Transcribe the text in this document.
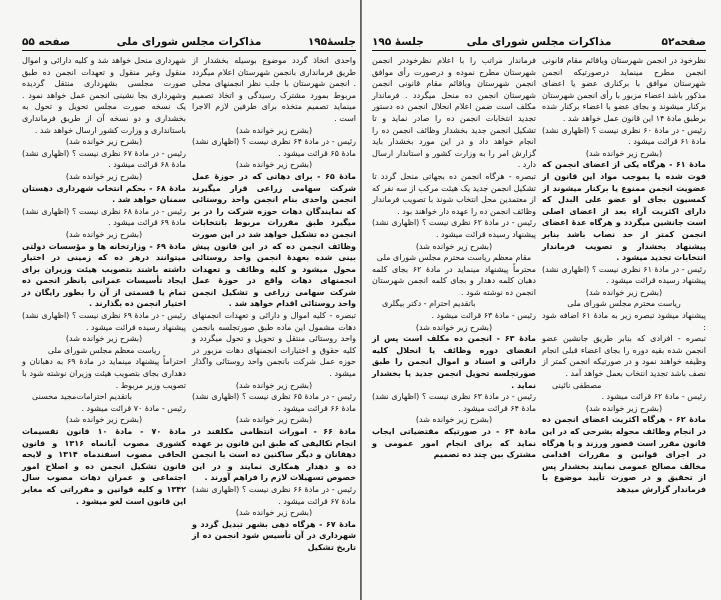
جلسهٔ۱۹۵
مذاکرات مجلس شورای ملی
صفحه ۵۵
واحدی اتخاذ گردد موضوع بوسیله بخشدار از طریق فرمانداری بانجمن شهرستان اعلام میگردد . انجمن شهرستان با جلب نظر انجمنهای محلی مربوط بمورد مشترک رسیدگی و اتخاذ تصمیم مینماید تصمیم متخذه برای طرفین لازم الاجرا است .
(بشرح زیر خوانده شد)
رئیس - در مادهٔ ۶۴ نظری نیست ؟ (اظهاری نشد) مادهٔ ۶۵ قرائت میشود .
(بشرح زیر خوانده شد)
مادهٔ ۶۵ - برای دهاتی که در حوزهٔ عمل شرکت سهامی زراعی قرار میگیرند انجمن واحدی بنام انجمن واحد روستائی که نمایندگان دهات حوزه شرکت را در بر میگیرد طبق مقررات مربوط بانتخابات انجمن ده تشکیل خواهد شد در این صورت وظائف انجمن ده که در این قانون پیش بینی شده بعهدهٔ انجمن واحد روستائی محول میشود و کلیه وظائف و تعهدات انجمنهای دهات واقع در حوزهٔ عمل شرکت سهامی زراعی و تشکیل انجمن واحد روستائی اقدام خواهد شد .
تبصره - کلیه اموال و دارائی و تعهدات انجمنهای دهات مشمول این ماده طبق صورتجلسه بانجمن واحد روستائی منتقل و تحویل و تحول میگردد و کلیه حقوق و اختیارات انجمنهای دهات مزبور در حوزه عمل شرکت بانجمن واحد روستائی واگذار میشود .
(بشرح زیر خوانده شد)
رئیس - در مادهٔ ۶۵ نظری نیست ؟ (اظهاری نشد) مادهٔ ۶۶ قرائت میشود .
(بشرح زیر خوانده شد)
مادهٔ ۶۶ - امورات انتظامی مکلفند در انجام تکالیفی که طبق این قانون بر عهده دهقانان و دیگر ساکنین ده است با انجمن ده و دهدار همکاری نمایند و در این خصوص تسهیلات لازم را فراهم آورند .
رئیس - در مادهٔ ۶۶ نظری نیست ؟ (اظهاری نشد) مادهٔ ۶۷ قرائت میشود .
(بشرح زیر خوانده شد)
مادهٔ ۶۷ - هرگاه دهی بشهر تبدیل گردد و شهرداری در آن تأسیس شود انجمن ده از تاریخ تشکیل
شهرداری منحل خواهد شد و کلیه دارائی و اموال منقول وغیر منقول و تعهدات انجمن ده طبق صورت مجلسی بشهرداری منتقل گردیده وشهرداری بجا نشینی انجمن عمل خواهد نمود . یک نسخه صورت مجلس تحویل و تحول به بخشداری و دو نسخه آن از طریق فرمانداری باستانداری و وزارت کشور ارسال خواهد شد .
(بشرح زیر خوانده شد)
رئیس - در مادهٔ ۶۷ نظری نیست ؟ (اظهاری نشد) مادهٔ ۶۸ قرائت میشود .
(بشرح زیر خوانده شد)
مادهٔ ۶۸ - بحکم انتخاب شهرداری دهستان سمنان خواهد شد .
رئیس - در مادهٔ ۶۸ نظری نیست ؟ (اظهاری نشد) مادهٔ ۶۹ قرائت میشود .
(بشرح زیر خوانده شد)
مادهٔ ۶۹ - وزارتخانه ها و مؤسسات دولتی میتوانند درهر ده که زمینی در اختیار داشته باشند بتصویب هیئت وزیران برای ایجاد تأسیسات عمرانی بانظر انجمن ده تمام یا قسمتی از آن را بطور رایگان در اختیار انجمن ده بگذارند .
رئیس - در مادهٔ ۶۹ نظری نیست ؟ (اظهاری نشد) پیشنهاد رسیده قرائت میشود .
(بشرح زیر خوانده شد)
ریاست معظم مجلس شورای ملی
احتراماً پیشنهاد مینماید در مادهٔ ۶۹ به دهبانان و دهداری بجای بتصویب هیئت وزیران نوشته شود با تصویب وزیر مربوط .
باتقدیم احترامات‌مجید محسنی
رئیس - مادهٔ ۷۰ قرائت میشود .
(بشرح زیر خوانده شد)
مادهٔ ۷۰ - مادهٔ ۱۰ قانون تقسیمات کشوری مصوب آبانماه ۱۳۱۶ و قانون الحاقی مصوب اسفندماه ۱۳۱۴ و لایحه قانون تشکیل انجمن ده و اصلاح امور اجتماعی و عمران دهات مصوب سال ۱۳۴۲ و کلیه قوانین و مقرراتی که مغایر این قانون است لغو میشود .
صفحه۵۲
مذاکرات مجلس شورای ملی
جلسهٔ ۱۹۵
نظرخود در انجمن شهرستان ویاقائم مقام قانونی انجمن مطرح مینماید درصورتیکه انجمن شهرستان موافق با برکناری عضو یا اعضای مذکور باشد اعضاء مزبور با رأی انجمن شهرستان برکنار میشوند و بجای عضو یا اعضاء برکنار شده برطبق مادهٔ ۱۴ این قانون عمل خواهد شد .
رئیس - در مادهٔ ۶۰ نظری نیست ؟ (اظهاری نشد) مادهٔ ۶۱ قرائت میشود .
(بشرح زیر خوانده شد)
مادهٔ ۶۱ - هرگاه یکی از اعضای انجمن که فوت شده یا بموجب مواد این قانون از عضویت انجمن ممنوع یا برکنار میشوند از کمسیون بجای او عضو علی البدل که دارای اکثریت آراء بعد از اعضای اصلی است جانشین میگردد و هرگاه عدهٔ اعضای انجمن کمتر از حد نصاب باشد بنابر پیشنهاد بخشدار و تصویب فرماندار انتخابات تجدید میشود .
رئیس - در مادهٔ ۶۱ نظری نیست ؟ (اظهاری نشد) پیشنهاد رسیده قرائت میشود .
(بشرح زیر خوانده شد)
ریاست محترم مجلس شورای ملی
پیشنهاد میشود تبصره زیر به مادهٔ ۶۱ اضافه شود :
تبصره - افرادی که بنابر طریق جانشین عضو انجمن شده بقیه دوره را بجای اعضاء قبلی انجام وظیفه خواهند نمود و در صورتیکه انجمن کمتر از نصف باشد تجدید انتخاب بعمل خواهد آمد .
مصطفی نائینی
رئیس - مادهٔ ۶۲ قرائت میشود .
(بشرح زیر خوانده شد)
مادهٔ ۶۲ - هرگاه اکثریت اعضای انجمن ده در انجام وظائف محوله بشرحی که در این قانون مقرر است قصور ورزند و یا هرگاه در اجرای قوانین و مقررات اقدامی مخالف مصالح عمومی نمایند بخشدار پس از تحقیق و در صورت تأیید موضوع با فرماندار گزارش میدهد
فرماندار مراتب را با اعلام نظرخوددر انجمن شهرستان مطرح نموده و درصورت رأی موافق انجمن شهرستان ویاقائم مقام قانونی انجمن شهرستان انجمن ده منحل میگردد . فرماندار مکلف است ضمن اعلام انحلال انجمن ده دستور تجدید انتخابات انجمن ده را صادر نماید و تا تشکیل انجمن جدید بخشدار وظائف انجمن ده را انجام خواهد داد و در این مورد بخشدار باید گزارش امر را به وزارت کشور و استاندار ارسال دارد .
تبصره - هرگاه انجمن ده بجهاتی منحل گردد تا تشکیل انجمن جدید یک هیئت مرکب از سه نفر که از معتمدین محل انتخاب شوند با تصویب فرماندار وظائف انجمن ده را عهده دار خواهند بود .
رئیس - در مادهٔ ۶۲ نظری نیست ؟ (اظهاری نشد) پیشنهاد رسیده قرائت میشود .
(بشرح زیر خوانده شد)
مقام معظم ریاست محترم مجلس شورای ملی
محترماً پیشنهاد مینماید در مادهٔ ۶۲ بجای کلمه دهبان کلمه دهدار و بجای کلمه انجمن شهرستان انجمن ده نوشته شود .
باتقدیم احترام - دکتر بیگلری
رئیس - مادهٔ ۶۳ قرائت میشود .
(بشرح زیر خوانده شد)
مادهٔ ۶۳ - انجمن ده مکلف است پس از انقضای دوره وظائف یا انحلال کلیه دارائی و اسناد و اموال انجمن را طبق صورتجلسه تحویل انجمن جدید یا بخشدار نماید .
رئیس - در مادهٔ ۶۳ نظری نیست ؟ (اظهاری نشد) مادهٔ ۶۴ قرائت میشود .
(بشرح زیر خوانده شد)
مادهٔ ۶۴ - در صورتیکه مقتضیاتی ایجاب نماید که برای انجام امور عمومی و مشترک بین چند ده تصمیم
